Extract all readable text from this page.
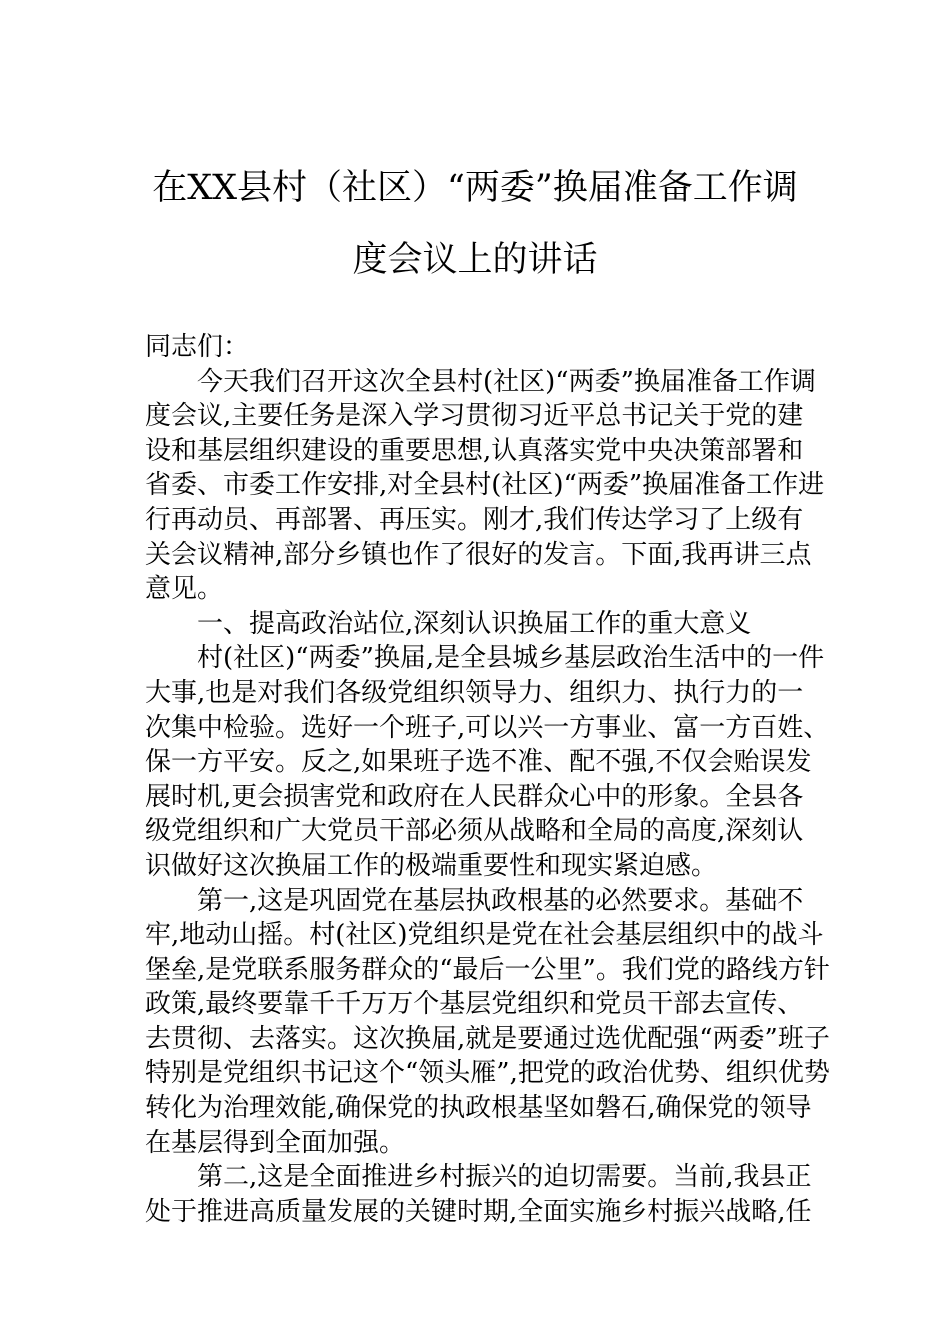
在XX县村（社区）“两委”换届准备工作调
度会议上的讲话
同志们：
今天我们召开这次全县村(社区)“两委”换届准备工作调
度会议,主要任务是深入学习贯彻习近平总书记关于党的建
设和基层组织建设的重要思想,认真落实党中央决策部署和
省委、市委工作安排,对全县村(社区)“两委”换届准备工作进
行再动员、再部署、再压实。刚才,我们传达学习了上级有
关会议精神,部分乡镇也作了很好的发言。下面,我再讲三点
意见。
一、提高政治站位,深刻认识换届工作的重大意义
村(社区)“两委”换届,是全县城乡基层政治生活中的一件
大事,也是对我们各级党组织领导力、组织力、执行力的一
次集中检验。选好一个班子,可以兴一方事业、富一方百姓、
保一方平安。反之,如果班子选不准、配不强,不仅会贻误发
展时机,更会损害党和政府在人民群众心中的形象。全县各
级党组织和广大党员干部必须从战略和全局的高度,深刻认
识做好这次换届工作的极端重要性和现实紧迫感。
第一,这是巩固党在基层执政根基的必然要求。基础不
牢,地动山摇。村(社区)党组织是党在社会基层组织中的战斗
堡垒,是党联系服务群众的“最后一公里”。我们党的路线方针
政策,最终要靠千千万万个基层党组织和党员干部去宣传、
去贯彻、去落实。这次换届,就是要通过选优配强“两委”班子
特别是党组织书记这个“领头雁”,把党的政治优势、组织优势
转化为治理效能,确保党的执政根基坚如磐石,确保党的领导
在基层得到全面加强。
第二,这是全面推进乡村振兴的迫切需要。当前,我县正
处于推进高质量发展的关键时期,全面实施乡村振兴战略,任
